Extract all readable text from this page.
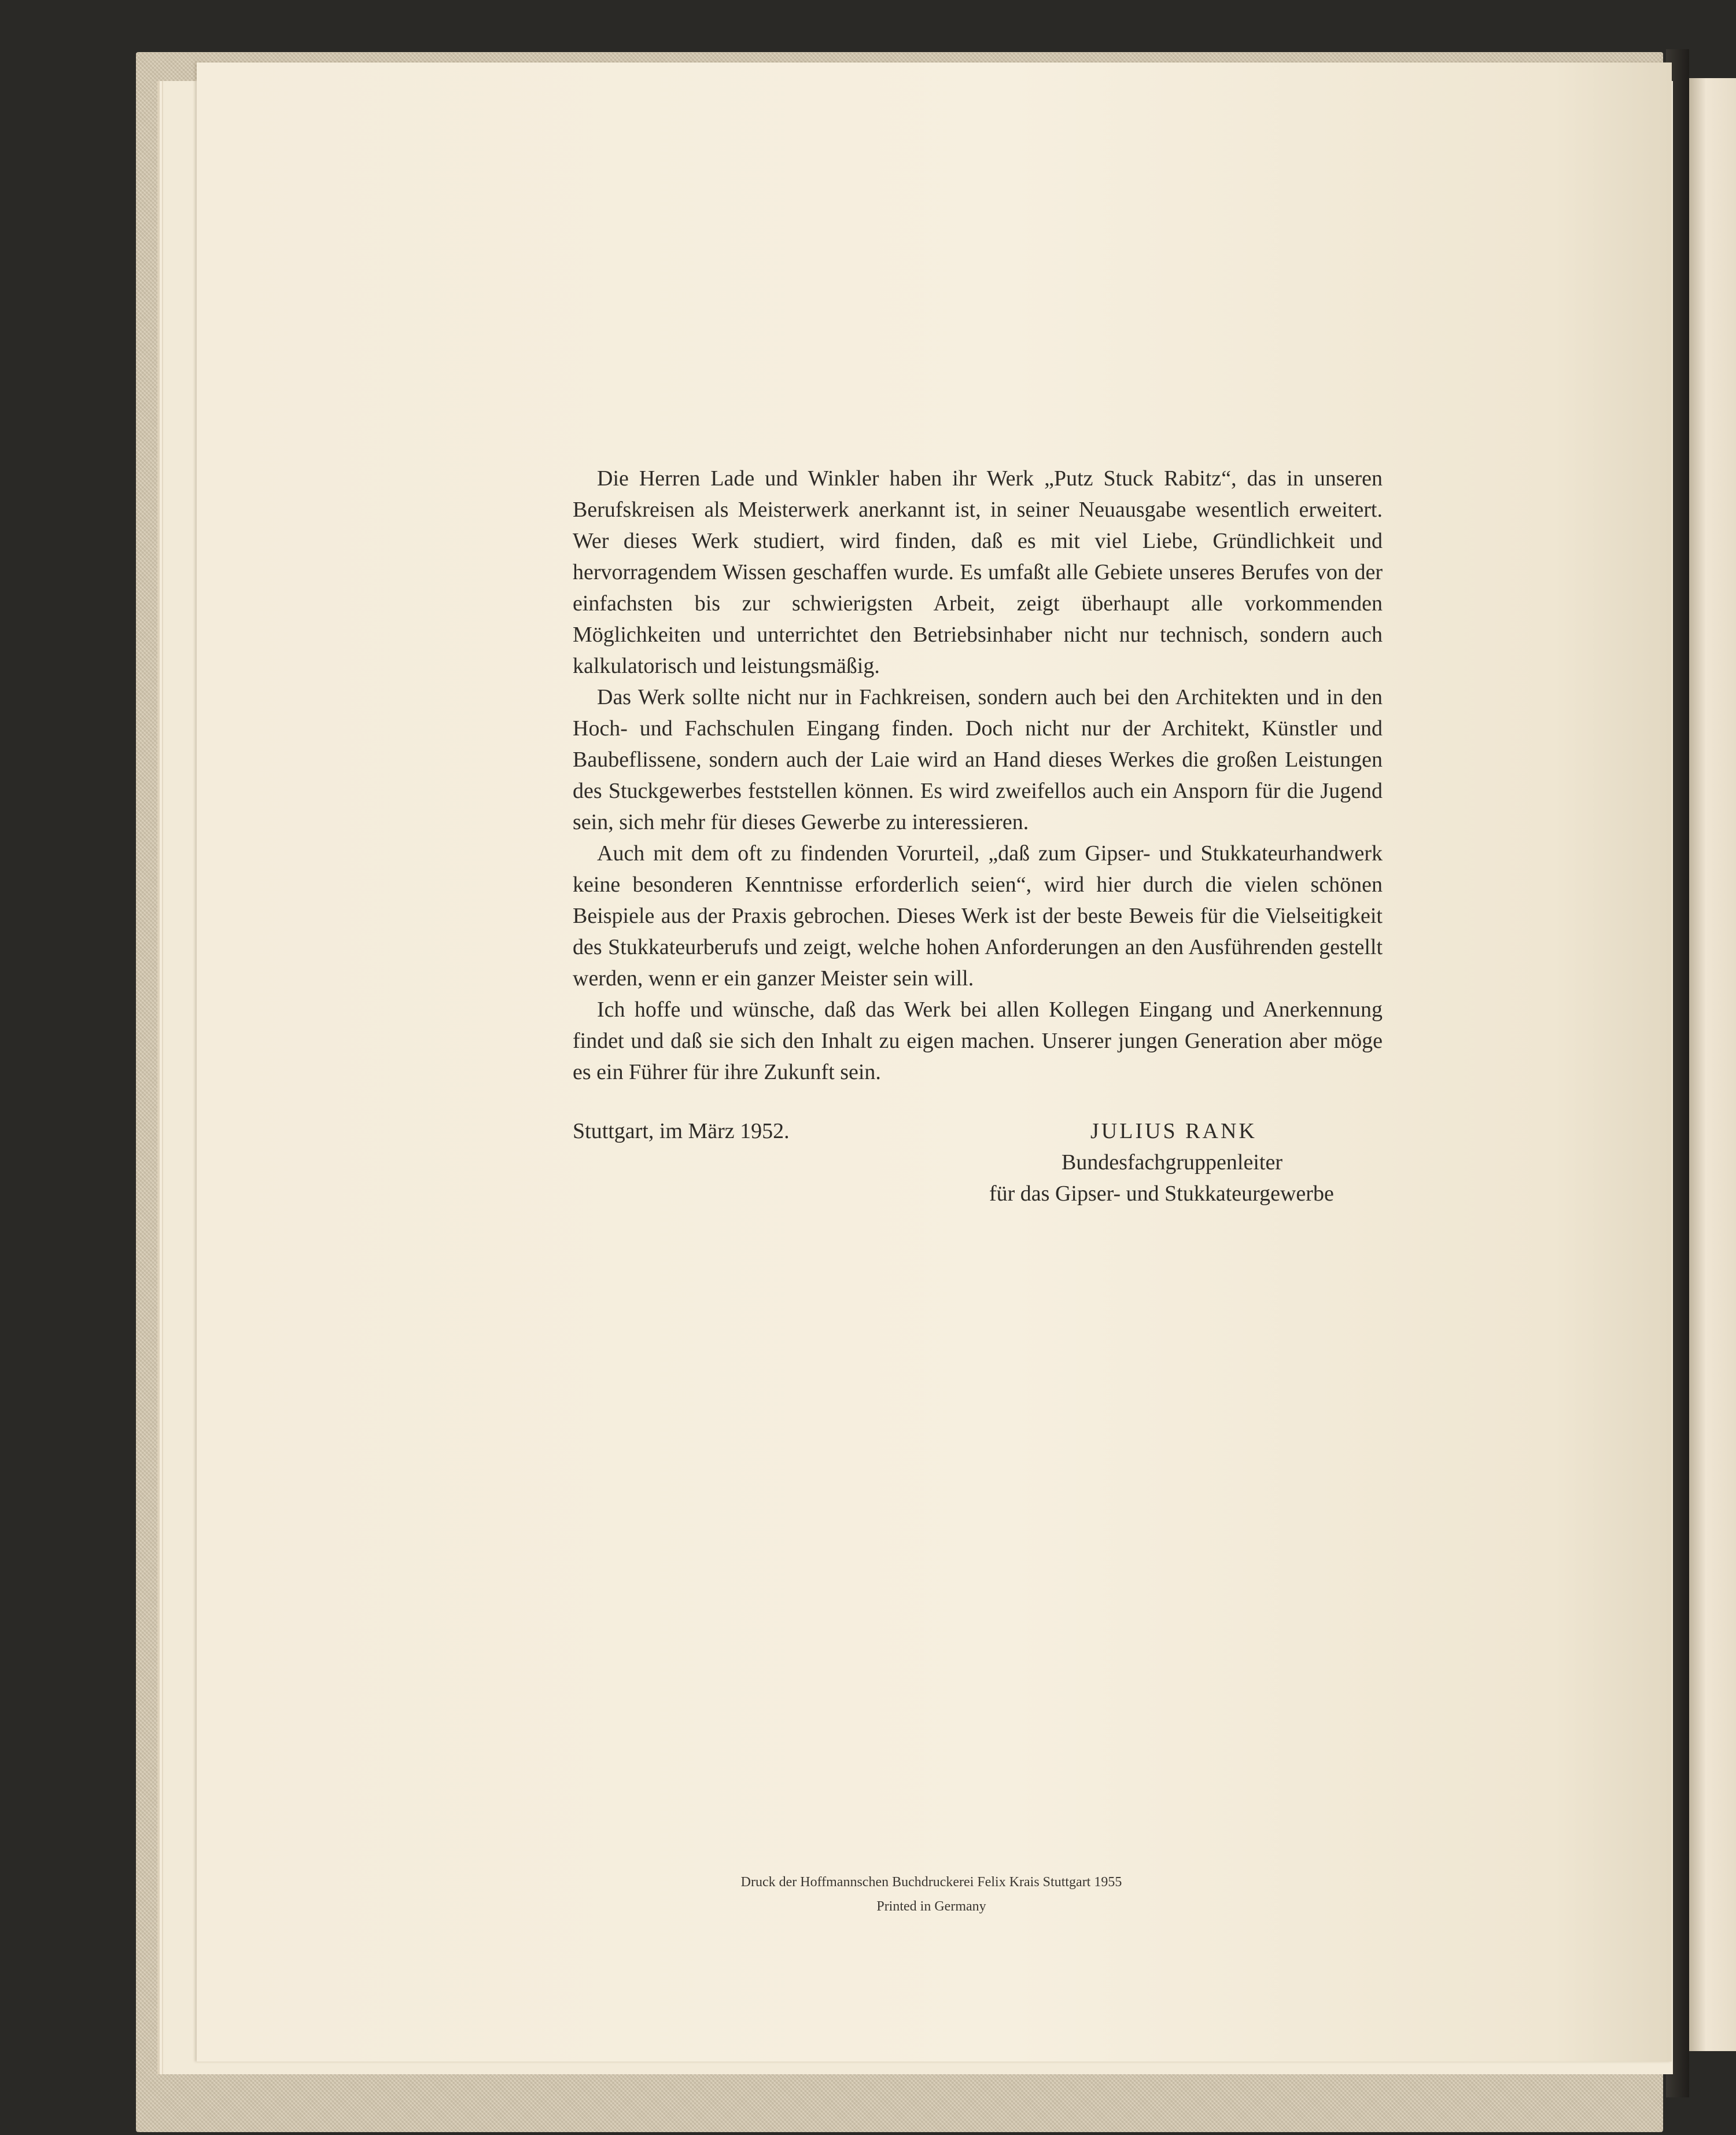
Die Herren Lade und Winkler haben ihr Werk „Putz Stuck Rabitz“, das in unseren Berufskreisen als Meisterwerk anerkannt ist, in seiner Neuausgabe wesentlich erweitert. Wer dieses Werk studiert, wird finden, daß es mit viel Liebe, Gründlichkeit und hervorragendem Wissen geschaffen wurde. Es umfaßt alle Gebiete unseres Berufes von der einfachsten bis zur schwierigsten Arbeit, zeigt überhaupt alle vorkommenden Möglichkeiten und unterrichtet den Betriebsinhaber nicht nur technisch, sondern auch kalkulatorisch und leistungsmäßig.

Das Werk sollte nicht nur in Fachkreisen, sondern auch bei den Architekten und in den Hoch- und Fachschulen Eingang finden. Doch nicht nur der Architekt, Künstler und Baubeflissene, sondern auch der Laie wird an Hand dieses Werkes die großen Leistungen des Stuckgewerbes feststellen können. Es wird zweifellos auch ein Ansporn für die Jugend sein, sich mehr für dieses Gewerbe zu interessieren.

Auch mit dem oft zu findenden Vorurteil, „daß zum Gipser- und Stukkateurhandwerk keine besonderen Kenntnisse erforderlich seien“, wird hier durch die vielen schönen Beispiele aus der Praxis gebrochen. Dieses Werk ist der beste Beweis für die Vielseitigkeit des Stukkateurberufs und zeigt, welche hohen Anforderungen an den Ausführenden gestellt werden, wenn er ein ganzer Meister sein will.

Ich hoffe und wünsche, daß das Werk bei allen Kollegen Eingang und Anerkennung findet und daß sie sich den Inhalt zu eigen machen. Unserer jungen Generation aber möge es ein Führer für ihre Zukunft sein.

Stuttgart, im März 1952.	JULIUS RANK
Bundesfachgruppenleiter
für das Gipser- und Stukkateurgewerbe
Druck der Hoffmannschen Buchdruckerei Felix Krais Stuttgart 1955
Printed in Germany
